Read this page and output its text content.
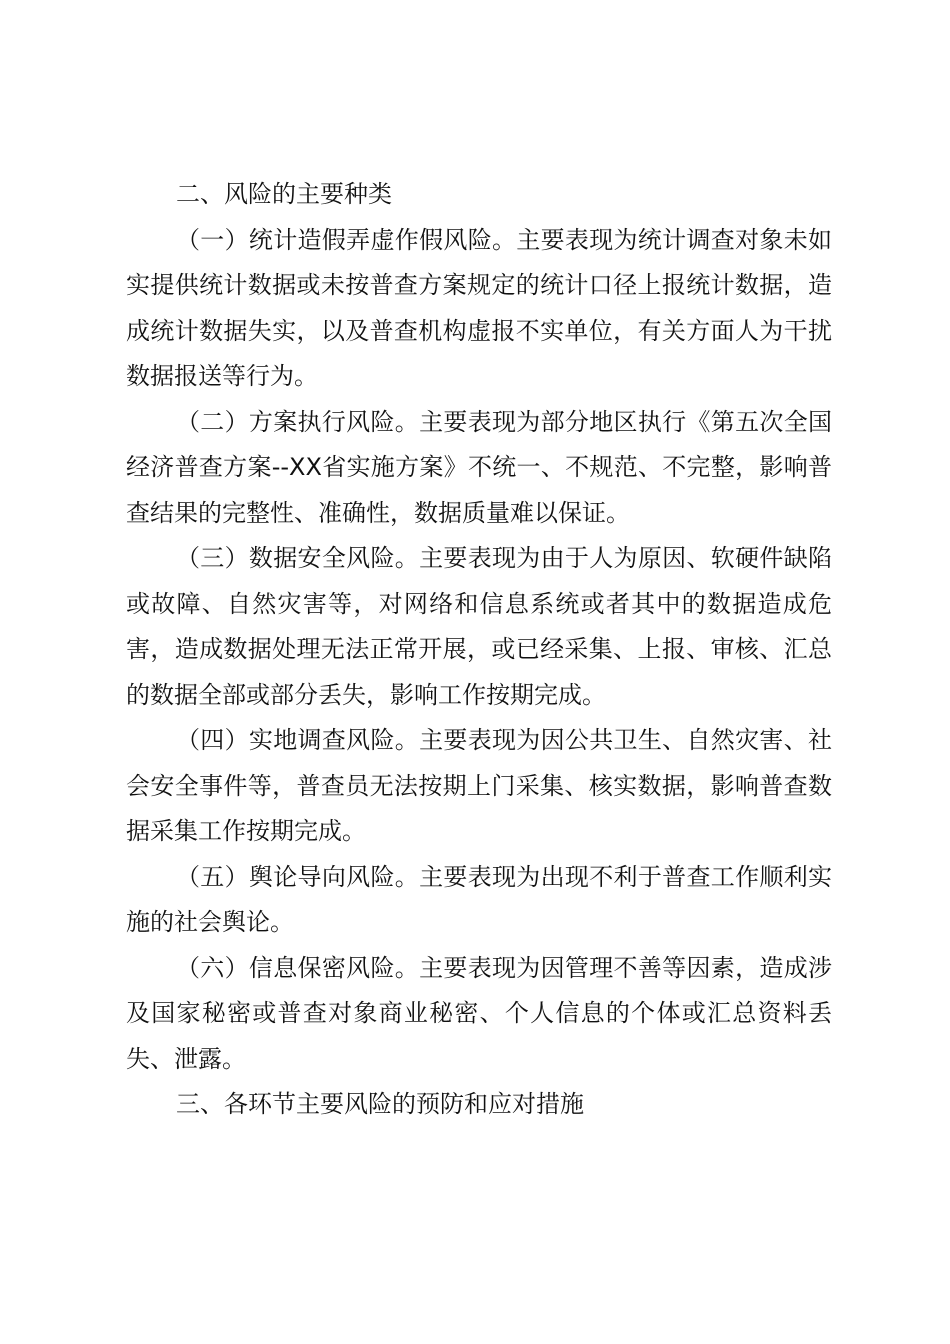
二、风险的主要种类

（一）统计造假弄虚作假风险。主要表现为统计调查对象未如实提供统计数据或未按普查方案规定的统计口径上报统计数据，造成统计数据失实，以及普查机构虚报不实单位，有关方面人为干扰数据报送等行为。

（二）方案执行风险。主要表现为部分地区执行《第五次全国经济普查方案--XX省实施方案》不统一、不规范、不完整，影响普查结果的完整性、准确性，数据质量难以保证。

（三）数据安全风险。主要表现为由于人为原因、软硬件缺陷或故障、自然灾害等，对网络和信息系统或者其中的数据造成危害，造成数据处理无法正常开展，或已经采集、上报、审核、汇总的数据全部或部分丢失，影响工作按期完成。

（四）实地调查风险。主要表现为因公共卫生、自然灾害、社会安全事件等，普查员无法按期上门采集、核实数据，影响普查数据采集工作按期完成。

（五）舆论导向风险。主要表现为出现不利于普查工作顺利实施的社会舆论。

（六）信息保密风险。主要表现为因管理不善等因素，造成涉及国家秘密或普查对象商业秘密、个人信息的个体或汇总资料丢失、泄露。

三、各环节主要风险的预防和应对措施
